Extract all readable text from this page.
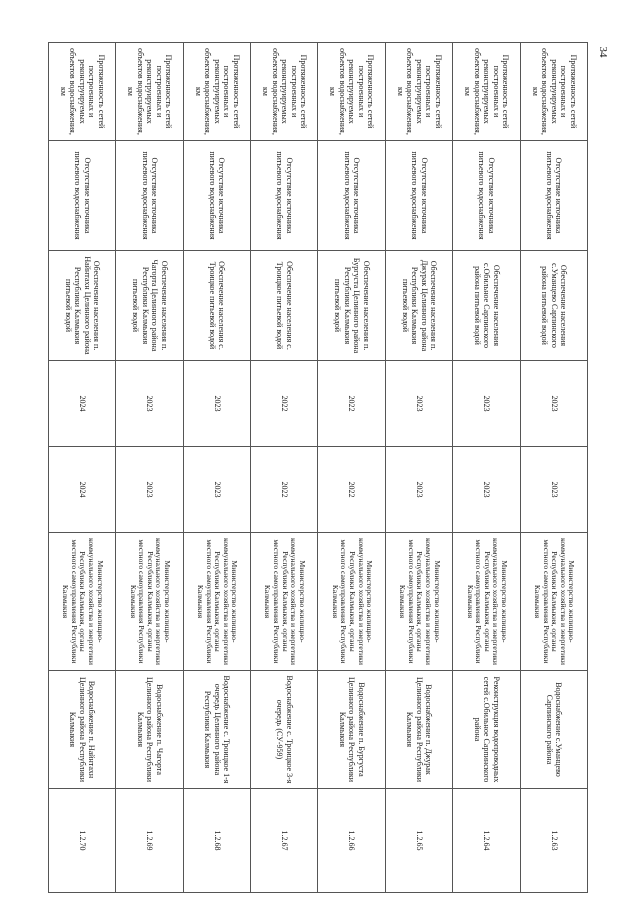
34
Протяженность сетей построенных и реконструируемых объектов водоснабжения, км	Отсутствие источника питьевого водоснабжения	Обеспечение населения с.Уманцево Сарпинского района питьевой водой	2023	2023	Министерство жилищно-коммунального хозяйства и энергетики Республики Калмыкия, органы местного самоуправления Республики Калмыкия	Водоснабжение с.Уманцево Сарпинского района	1.2.63
Протяженность сетей построенных и реконструируемых объектов водоснабжения, км	Отсутствие источника питьевого водоснабжения	Обеспечение населения с.Обильное Сарпинского района питьевой водой	2023	2023	Министерство жилищно-коммунального хозяйства и энергетики Республики Калмыкия, органы местного самоуправления Республики Калмыкия	Реконструкция водопроводных сетей с.Обильное Сарпинского района	1.2.64
Протяженность сетей построенных и реконструируемых объектов водоснабжения, км	Отсутствие источника питьевого водоснабжения	Обеспечение населения п. Джурак Целинного района Республики Калмыкия питьевой водой	2023	2023	Министерство жилищно-коммунального хозяйства и энергетики Республики Калмыкия, органы местного самоуправления Республики Калмыкия	Водоснабжение п. Джурак Целинного района Республики Калмыкия	1.2.65
Протяженность сетей построенных и реконструируемых объектов водоснабжения, км	Отсутствие источника питьевого водоснабжения	Обеспечение населения п. Бургуста Целинного района Республики Калмыкия питьевой водой	2022	2022	Министерство жилищно-коммунального хозяйства и энергетики Республики Калмыкия, органы местного самоуправления Республики Калмыкия	Водоснабжение п. Бургуста Целинного района Республики Калмыкия	1.2.66
Протяженность сетей построенных и реконструируемых объектов водоснабжения, км	Отсутствие источника питьевого водоснабжения	Обеспечение населения с. Троицкое питьевой водой	2022	2022	Министерство жилищно-коммунального хозяйства и энергетики Республики Калмыкия, органы местного самоуправления Республики Калмыкия	Водоснабжение с. Троицкое 3-я очередь (СУ-959)	1.2.67
Протяженность сетей построенных и реконструируемых объектов водоснабжения, км	Отсутствие источника питьевого водоснабжения	Обеспечение населения с. Троицкое питьевой водой	2023	2023	Министерство жилищно-коммунального хозяйства и энергетики Республики Калмыкия, органы местного самоуправления Республики Калмыкия	Водоснабжение с. Троицкое 1-я очередь Целинного района Республики Калмыкия	1.2.68
Протяженность сетей построенных и реконструируемых объектов водоснабжения, км	Отсутствие источника питьевого водоснабжения	Обеспечение населения п. Чагорта Целинного района Республики Калмыкия питьевой водой	2023	2023	Министерство жилищно-коммунального хозяйства и энергетики Республики Калмыкия, органы местного самоуправления Республики Калмыкия	Водоснабжение п. Чагорта Целинного района Республики Калмыкия	1.2.69
Протяженность сетей построенных и реконструируемых объектов водоснабжения, км	Отсутствие источника питьевого водоснабжения	Обеспечение населения п. Найнтахн Целинного района Республики Калмыкия питьевой водой	2024	2024	Министерство жилищно-коммунального хозяйства и энергетики Республики Калмыкия, органы местного самоуправления Республики Калмыкия	Водоснабжение п. Найнтахн Целинного района Республики Калмыкия	1.2.70
